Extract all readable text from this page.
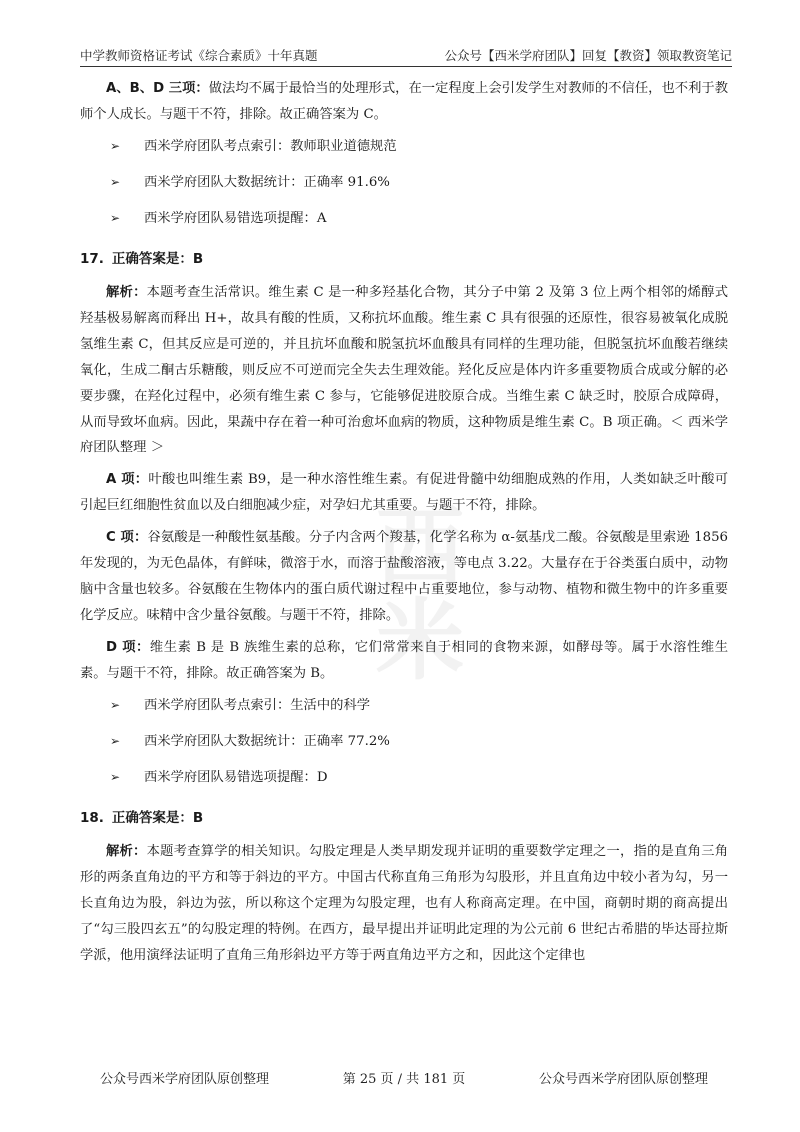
中学教师资格证考试《综合素质》十年真题	公众号【西米学府团队】回复【教资】领取教资笔记
西
米

A、B、D 三项：做法均不属于最恰当的处理形式，在一定程度上会引发学生对教师的不信任，也不利于教师个人成长。与题干不符，排除。故正确答案为 C。

➢	西米学府团队考点索引：教师职业道德规范
➢	西米学府团队大数据统计：正确率 91.6%
➢	西米学府团队易错选项提醒：A
17. 正确答案是：B

解析：本题考查生活常识。维生素 C 是一种多羟基化合物，其分子中第 2 及第 3 位上两个相邻的烯醇式羟基极易解离而释出 H+，故具有酸的性质，又称抗坏血酸。维生素 C 具有很强的还原性，很容易被氧化成脱氢维生素 C，但其反应是可逆的，并且抗坏血酸和脱氢抗坏血酸具有同样的生理功能，但脱氢抗坏血酸若继续氧化，生成二酮古乐糖酸，则反应不可逆而完全失去生理效能。羟化反应是体内许多重要物质合成或分解的必要步骤，在羟化过程中，必须有维生素 C 参与，它能够促进胶原合成。当维生素 C 缺乏时，胶原合成障碍，从而导致坏血病。因此，果蔬中存在着一种可治愈坏血病的物质，这种物质是维生素 C。B 项正确。＜ 西米学府团队整理 ＞

A 项：叶酸也叫维生素 B9，是一种水溶性维生素。有促进骨髓中幼细胞成熟的作用，人类如缺乏叶酸可引起巨红细胞性贫血以及白细胞减少症，对孕妇尤其重要。与题干不符，排除。

C 项：谷氨酸是一种酸性氨基酸。分子内含两个羧基，化学名称为 α-氨基戊二酸。谷氨酸是里索逊 1856 年发现的，为无色晶体，有鲜味，微溶于水，而溶于盐酸溶液，等电点 3.22。大量存在于谷类蛋白质中，动物脑中含量也较多。谷氨酸在生物体内的蛋白质代谢过程中占重要地位，参与动物、植物和微生物中的许多重要化学反应。味精中含少量谷氨酸。与题干不符，排除。

D 项：维生素 B 是 B 族维生素的总称，它们常常来自于相同的食物来源，如酵母等。属于水溶性维生素。与题干不符，排除。故正确答案为 B。

➢	西米学府团队考点索引：生活中的科学
➢	西米学府团队大数据统计：正确率 77.2%
➢	西米学府团队易错选项提醒：D
18. 正确答案是：B

解析：本题考查算学的相关知识。勾股定理是人类早期发现并证明的重要数学定理之一，指的是直角三角形的两条直角边的平方和等于斜边的平方。中国古代称直角三角形为勾股形，并且直角边中较小者为勾，另一长直角边为股，斜边为弦，所以称这个定理为勾股定理，也有人称商高定理。在中国，商朝时期的商高提出了“勾三股四玄五”的勾股定理的特例。在西方，最早提出并证明此定理的为公元前 6 世纪古希腊的毕达哥拉斯学派，他用演绎法证明了直角三角形斜边平方等于两直角边平方之和，因此这个定律也

公众号西米学府团队原创整理	第 25 页 / 共 181 页	公众号西米学府团队原创整理
